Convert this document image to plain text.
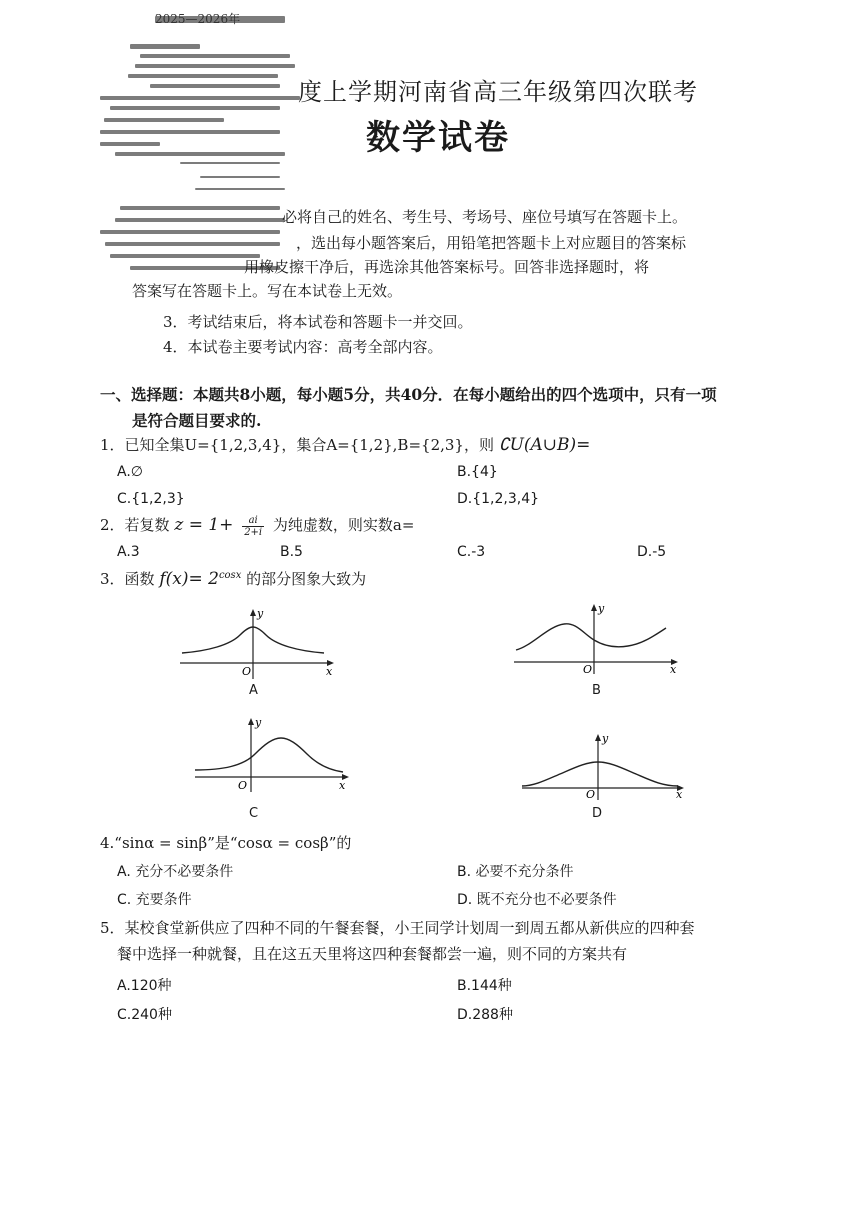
2025—2026年
度上学期河南省高三年级第四次联考
数学试卷
必将自己的姓名、考生号、考场号、座位号填写在答题卡上。
，选出每小题答案后，用铅笔把答题卡上对应题目的答案标
用橡皮擦干净后，再选涂其他答案标号。回答非选择题时，将
答案写在答题卡上。写在本试卷上无效。
3．考试结束后，将本试卷和答题卡一并交回。
4．本试卷主要考试内容：高考全部内容。
一、选择题：本题共8小题，每小题5分，共40分．在每小题给出的四个选项中，只有一项
是符合题目要求的.
1．已知全集U={1,2,3,4}，集合A={1,2},B={2,3}，则 ∁U(A∪B)=
A.∅	B.{4}
C.{1,2,3}	D.{1,2,3,4}
2．若复数 $z = 1+ \frac{ai}{2+i}$ 为纯虚数，则实数a=
A.3	B.5	C.-3	D.-5
3．函数 $f(x)= 2^{cosx}$ 的部分图象大致为
y
x
O
A
y
x
O
B
y
x
O
C
y
x
O
D
4.“sinα = sinβ”是“cosα = cosβ”的
A. 充分不必要条件	B. 必要不充分条件
C. 充要条件	D. 既不充分也不必要条件
5．某校食堂新供应了四种不同的午餐套餐，小王同学计划周一到周五都从新供应的四种套
餐中选择一种就餐，且在这五天里将这四种套餐都尝一遍，则不同的方案共有
A.120种	B.144种
C.240种	D.288种
